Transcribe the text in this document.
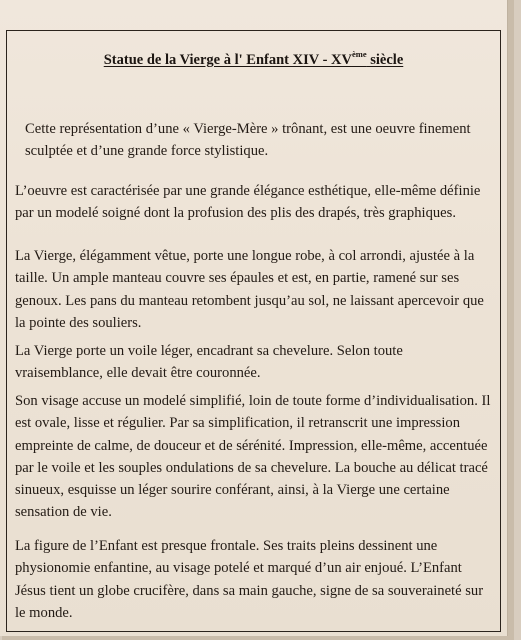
Statue de la Vierge à l' Enfant XIV - XVème siècle

Cette représentation d’une « Vierge-Mère » trônant, est une oeuvre finement sculptée et d’une grande force stylistique.

L’oeuvre est caractérisée par une grande élégance esthétique, elle-même définie par un modelé soigné dont la profusion des plis des drapés, très graphiques.

La Vierge, élégamment vêtue, porte une longue robe, à col arrondi, ajustée à la taille. Un ample manteau couvre ses épaules et est, en partie, ramené sur ses genoux. Les pans du manteau retombent jusqu’au sol, ne laissant apercevoir que la pointe des souliers.

La Vierge porte un voile léger, encadrant sa chevelure. Selon toute vraisemblance, elle devait être couronnée.

Son visage accuse un modelé simplifié, loin de toute forme d’individualisation. Il est ovale, lisse et régulier. Par sa simplification, il retranscrit une impression empreinte de calme, de douceur et de sérénité. Impression, elle-même, accentuée par le voile et les souples ondulations de sa chevelure. La bouche au délicat tracé sinueux, esquisse un léger sourire conférant, ainsi, à la Vierge une certaine sensation de vie.

La figure de l’Enfant est presque frontale. Ses traits pleins dessinent une physionomie enfantine, au visage potelé et marqué d’un air enjoué. L’Enfant Jésus tient un globe crucifère, dans sa main gauche, signe de sa souveraineté sur le monde.
